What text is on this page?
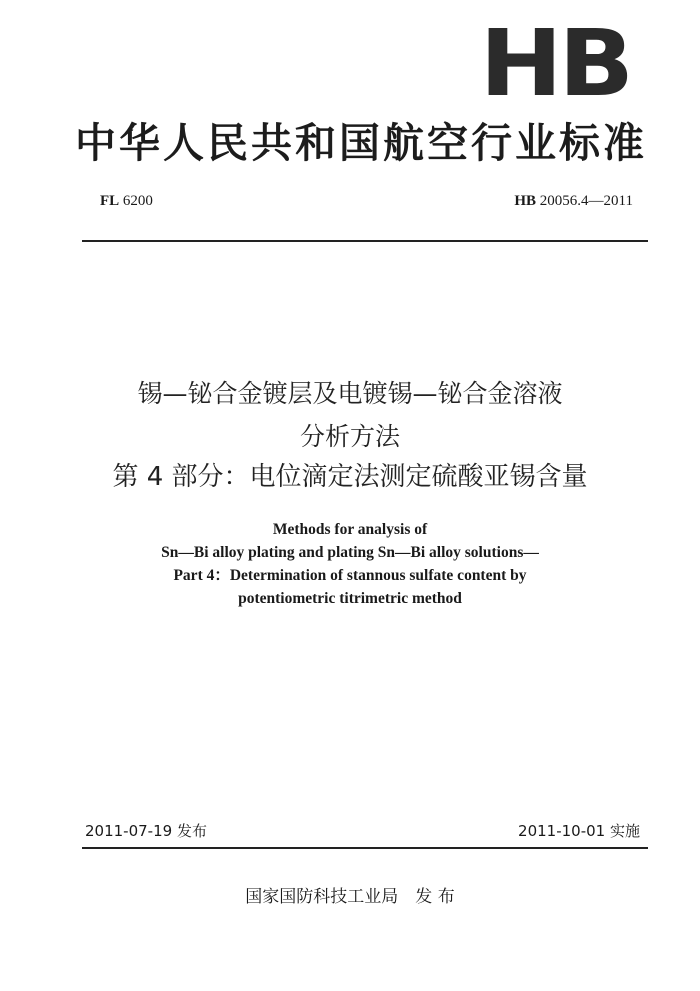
HB
中华人民共和国航空行业标准
FL 6200	HB 20056.4—2011
锡—铋合金镀层及电镀锡—铋合金溶液
分析方法
第 4 部分：电位滴定法测定硫酸亚锡含量
Methods for analysis of
Sn—Bi alloy plating and plating Sn—Bi alloy solutions—
Part 4：Determination of stannous sulfate content by
potentiometric titrimetric method
2011-07-19 发布	2011-10-01 实施
国家国防科技工业局　发 布
